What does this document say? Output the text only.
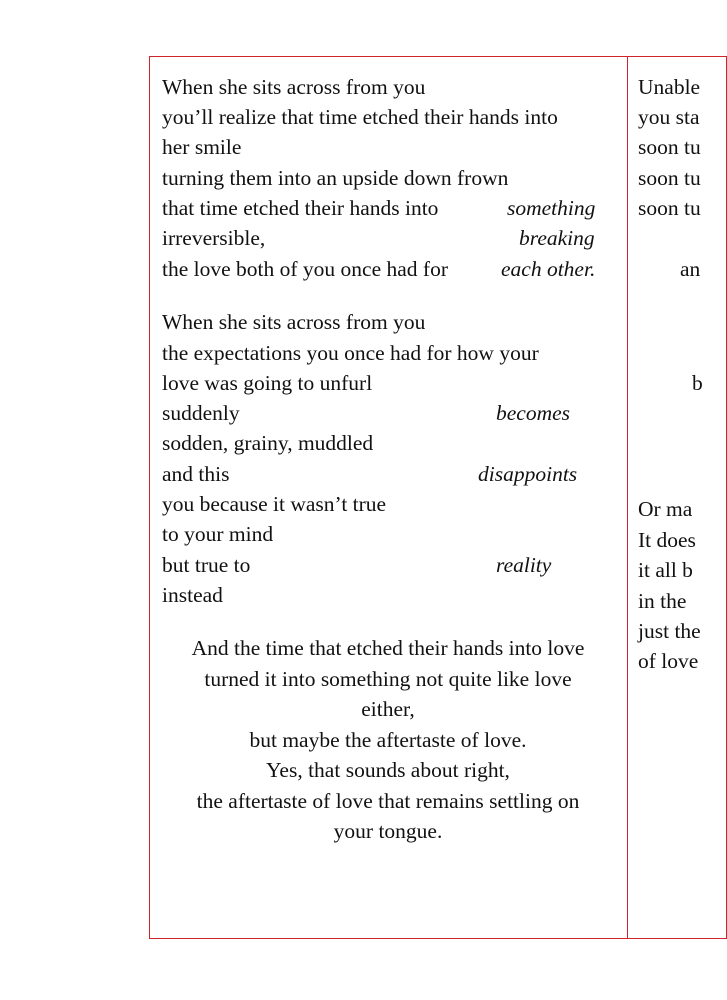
When she sits across from you
you’ll realize that time etched their hands into
her smile
turning them into an upside down frown
that time etched their hands into	something
irreversible,	breaking
the love both of you once had for each other.
When she sits across from you
the expectations you once had for how your
love was going to unfurl
suddenly	becomes
sodden, grainy, muddled
and this	disappoints
you because it wasn’t true
to your mind
but true to	reality
instead
And the time that etched their hands into love
turned it into something not quite like love
either,
but maybe the aftertaste of love.
Yes, that sounds about right,
the aftertaste of love that remains settling on
your tongue.
Unable
you sta
soon tu
soon tu
soon tu
an
b
Or ma
It does
it all b
in the
just the
of love
